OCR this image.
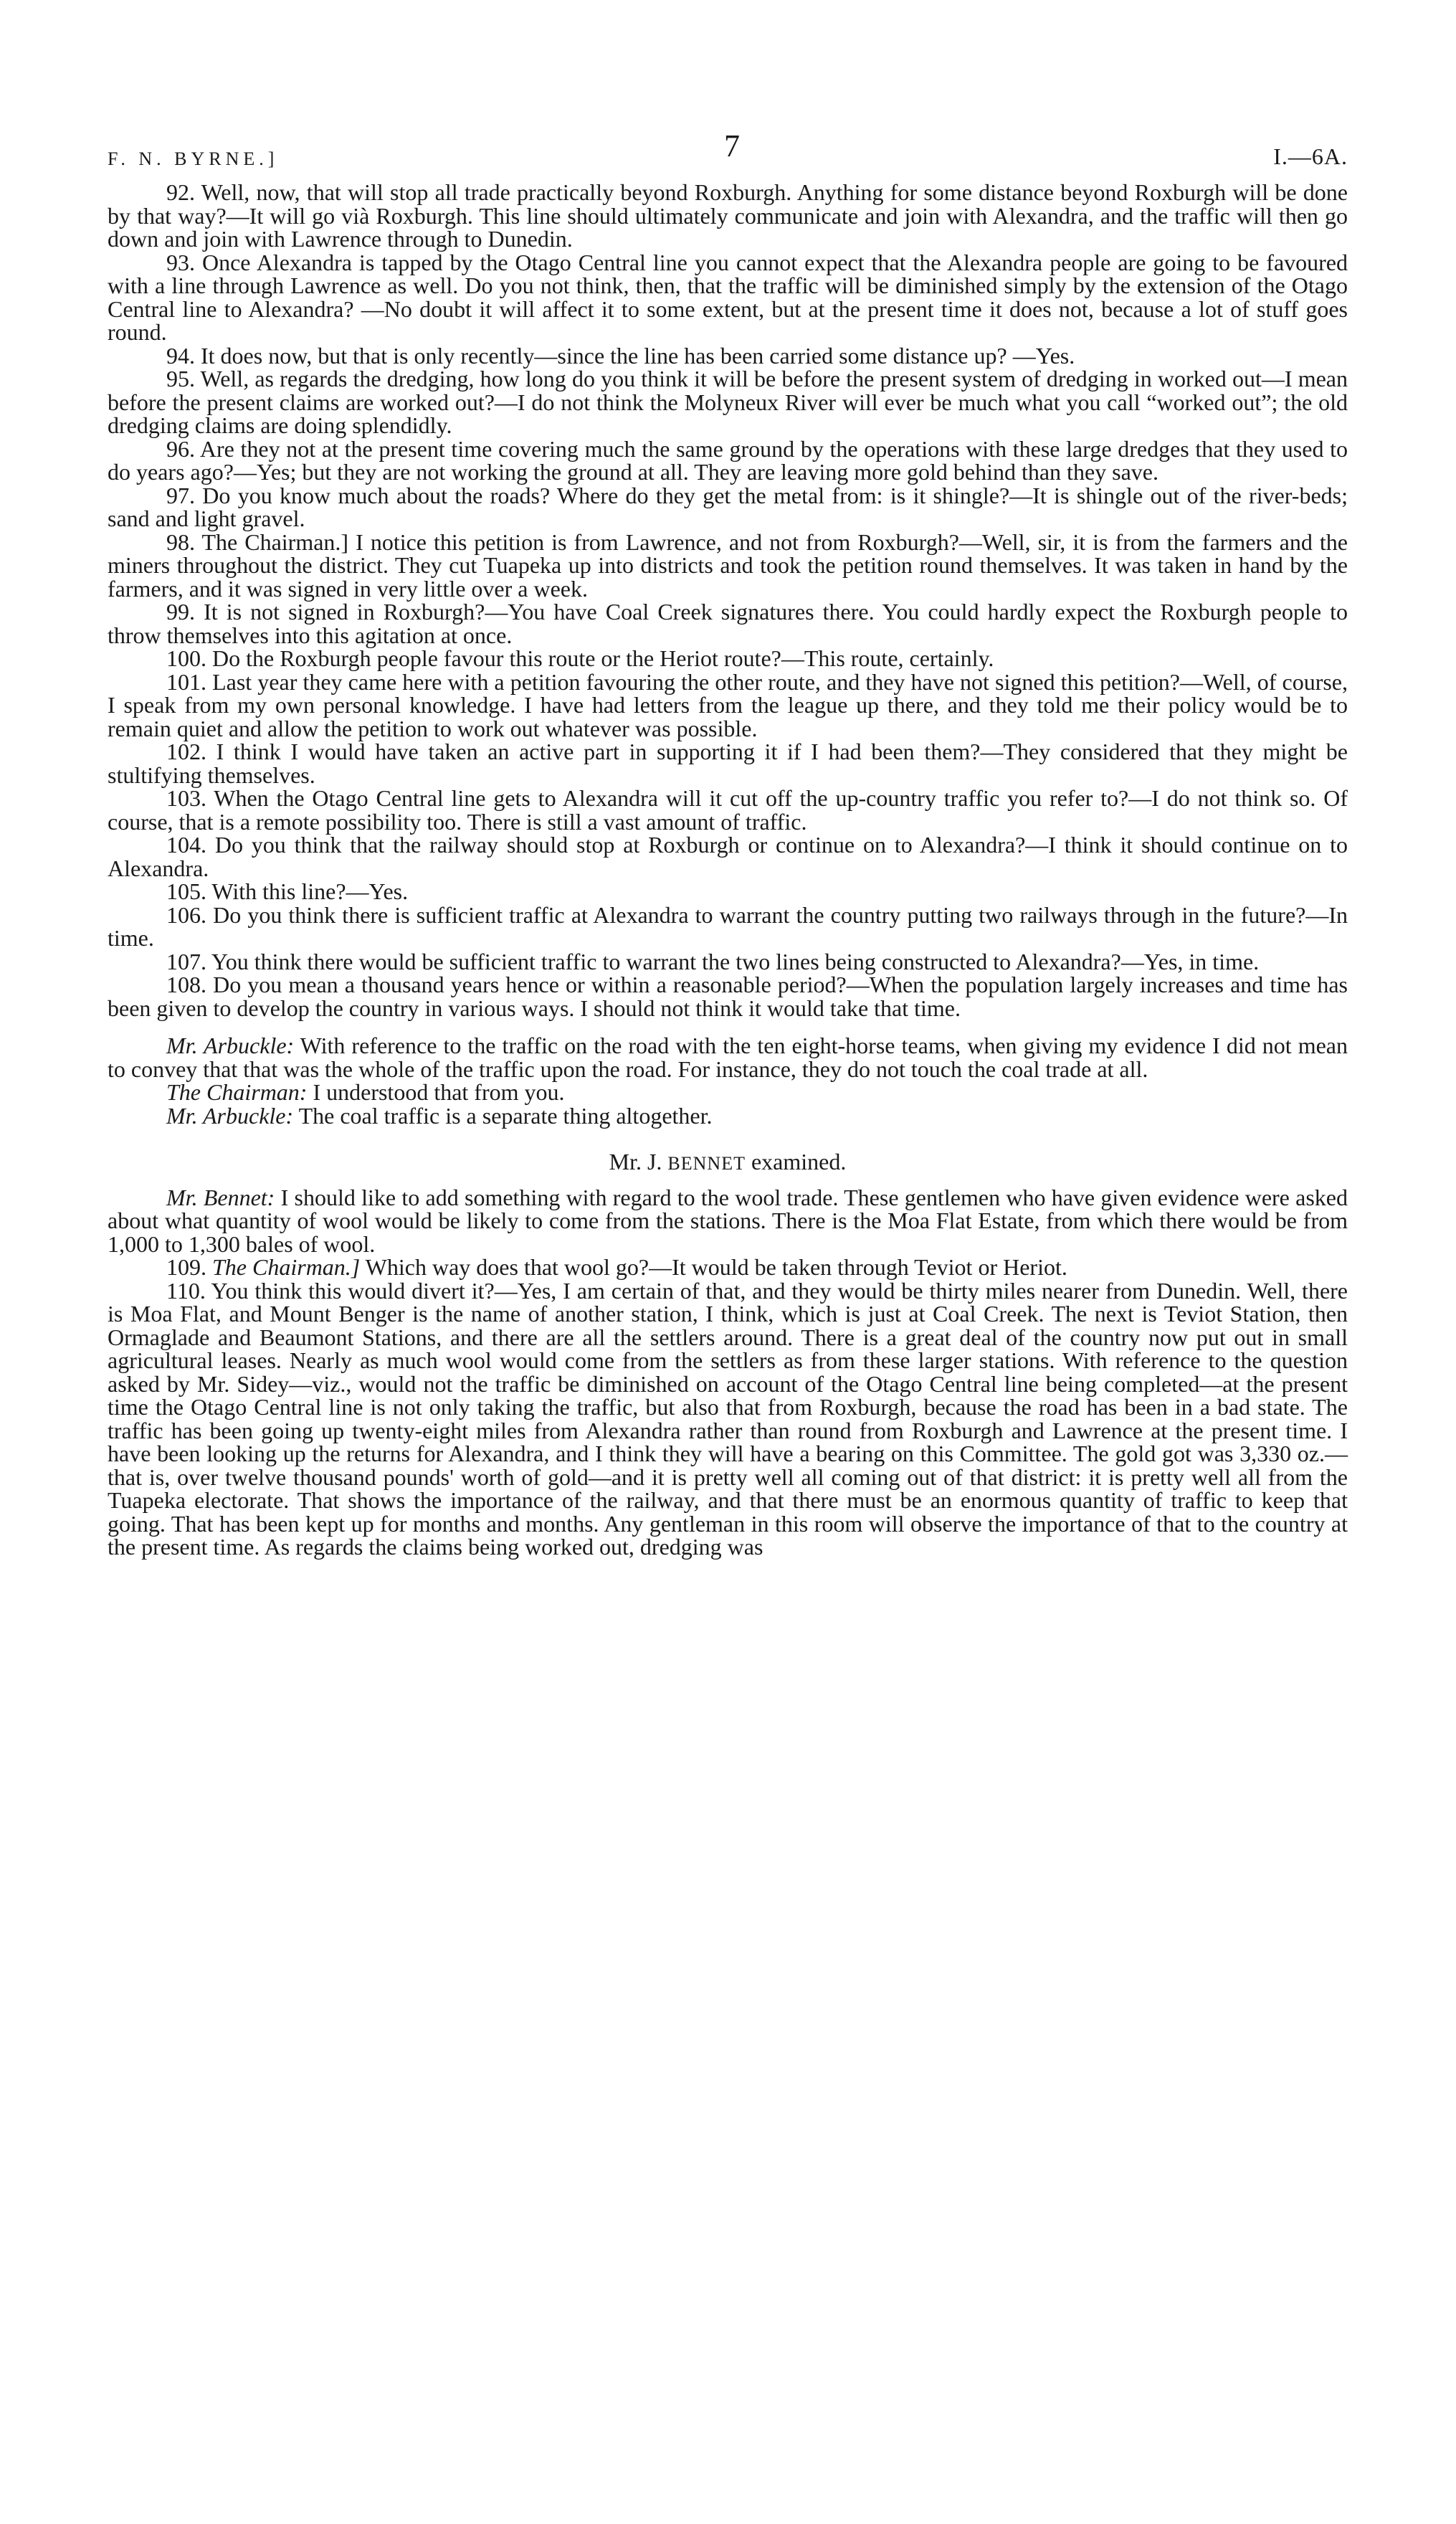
F. N. BYRNE.]	7	I.—6A.

92. Well, now, that will stop all trade practically beyond Roxburgh. Anything for some distance beyond Roxburgh will be done by that way?—It will go vià Roxburgh. This line should ultimately communicate and join with Alexandra, and the traffic will then go down and join with Lawrence through to Dunedin.

93. Once Alexandra is tapped by the Otago Central line you cannot expect that the Alexandra people are going to be favoured with a line through Lawrence as well. Do you not think, then, that the traffic will be diminished simply by the extension of the Otago Central line to Alexandra? —No doubt it will affect it to some extent, but at the present time it does not, because a lot of stuff goes round.

94. It does now, but that is only recently—since the line has been carried some distance up? —Yes.

95. Well, as regards the dredging, how long do you think it will be before the present system of dredging in worked out—I mean before the present claims are worked out?—I do not think the Molyneux River will ever be much what you call “worked out”; the old dredging claims are doing splendidly.

96. Are they not at the present time covering much the same ground by the operations with these large dredges that they used to do years ago?—Yes; but they are not working the ground at all. They are leaving more gold behind than they save.

97. Do you know much about the roads? Where do they get the metal from: is it shingle?—It is shingle out of the river-beds; sand and light gravel.

98. The Chairman.] I notice this petition is from Lawrence, and not from Roxburgh?—Well, sir, it is from the farmers and the miners throughout the district. They cut Tuapeka up into districts and took the petition round themselves. It was taken in hand by the farmers, and it was signed in very little over a week.

99. It is not signed in Roxburgh?—You have Coal Creek signatures there. You could hardly expect the Roxburgh people to throw themselves into this agitation at once.

100. Do the Roxburgh people favour this route or the Heriot route?—This route, certainly.

101. Last year they came here with a petition favouring the other route, and they have not signed this petition?—Well, of course, I speak from my own personal knowledge. I have had letters from the league up there, and they told me their policy would be to remain quiet and allow the petition to work out whatever was possible.

102. I think I would have taken an active part in supporting it if I had been them?—They considered that they might be stultifying themselves.

103. When the Otago Central line gets to Alexandra will it cut off the up-country traffic you refer to?—I do not think so. Of course, that is a remote possibility too. There is still a vast amount of traffic.

104. Do you think that the railway should stop at Roxburgh or continue on to Alexandra?—I think it should continue on to Alexandra.

105. With this line?—Yes.

106. Do you think there is sufficient traffic at Alexandra to warrant the country putting two railways through in the future?—In time.

107. You think there would be sufficient traffic to warrant the two lines being constructed to Alexandra?—Yes, in time.

108. Do you mean a thousand years hence or within a reasonable period?—When the population largely increases and time has been given to develop the country in various ways. I should not think it would take that time.

Mr. Arbuckle: With reference to the traffic on the road with the ten eight-horse teams, when giving my evidence I did not mean to convey that that was the whole of the traffic upon the road. For instance, they do not touch the coal trade at all.

The Chairman: I understood that from you.

Mr. Arbuckle: The coal traffic is a separate thing altogether.

Mr. J. BENNET examined.

Mr. Bennet: I should like to add something with regard to the wool trade. These gentlemen who have given evidence were asked about what quantity of wool would be likely to come from the stations. There is the Moa Flat Estate, from which there would be from 1,000 to 1,300 bales of wool.

109. The Chairman.] Which way does that wool go?—It would be taken through Teviot or Heriot.

110. You think this would divert it?—Yes, I am certain of that, and they would be thirty miles nearer from Dunedin. Well, there is Moa Flat, and Mount Benger is the name of another station, I think, which is just at Coal Creek. The next is Teviot Station, then Ormaglade and Beaumont Stations, and there are all the settlers around. There is a great deal of the country now put out in small agricultural leases. Nearly as much wool would come from the settlers as from these larger stations. With reference to the question asked by Mr. Sidey—viz., would not the traffic be diminished on account of the Otago Central line being completed—at the present time the Otago Central line is not only taking the traffic, but also that from Roxburgh, because the road has been in a bad state. The traffic has been going up twenty-eight miles from Alexandra rather than round from Roxburgh and Lawrence at the present time. I have been looking up the returns for Alexandra, and I think they will have a bearing on this Committee. The gold got was 3,330 oz.—that is, over twelve thousand pounds' worth of gold—and it is pretty well all coming out of that district: it is pretty well all from the Tuapeka electorate. That shows the importance of the railway, and that there must be an enormous quantity of traffic to keep that going. That has been kept up for months and months. Any gentleman in this room will observe the importance of that to the country at the present time. As regards the claims being worked out, dredging was
